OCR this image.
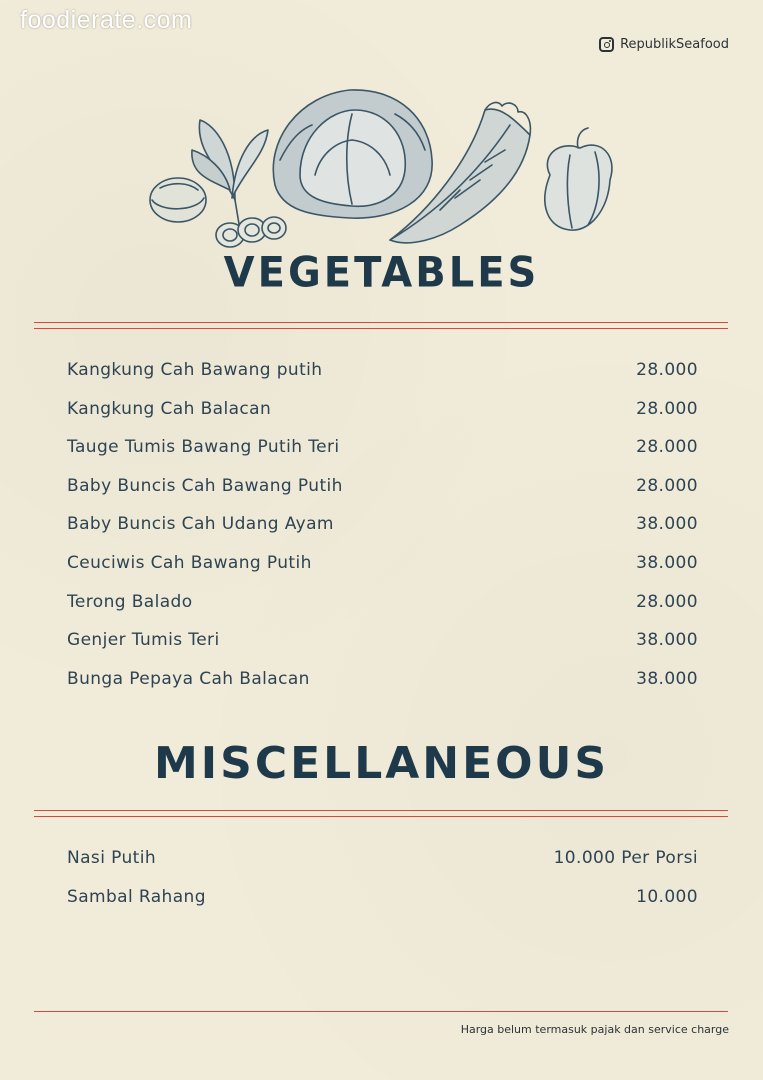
foodierate.com
RepublikSeafood
VEGETABLES
Kangkung Cah Bawang putih	28.000
Kangkung Cah Balacan	28.000
Tauge Tumis Bawang Putih Teri	28.000
Baby Buncis Cah Bawang Putih	28.000
Baby Buncis Cah Udang Ayam	38.000
Ceuciwis Cah Bawang Putih	38.000
Terong Balado	28.000
Genjer Tumis Teri	38.000
Bunga Pepaya Cah Balacan	38.000
MISCELLANEOUS
Nasi Putih	10.000 Per Porsi
Sambal Rahang	10.000
Harga belum termasuk pajak dan service charge
